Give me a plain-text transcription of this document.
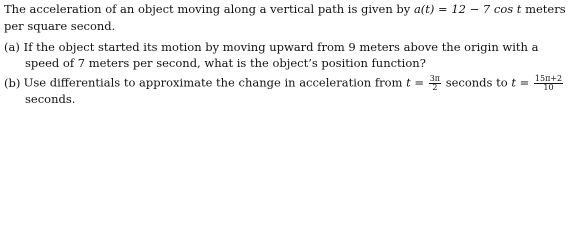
The acceleration of an object moving along a vertical path is given by a(t) = 12 − 7 cos t meters
per square second.
(a) If the object started its motion by moving upward from 9 meters above the origin with a
speed of 7 meters per second, what is the object’s position function?
(b) Use differentials to approximate the change in acceleration from $t = \frac{3\pi}{2}$ seconds to $t = \frac{15\pi+2}{10}$
seconds.
